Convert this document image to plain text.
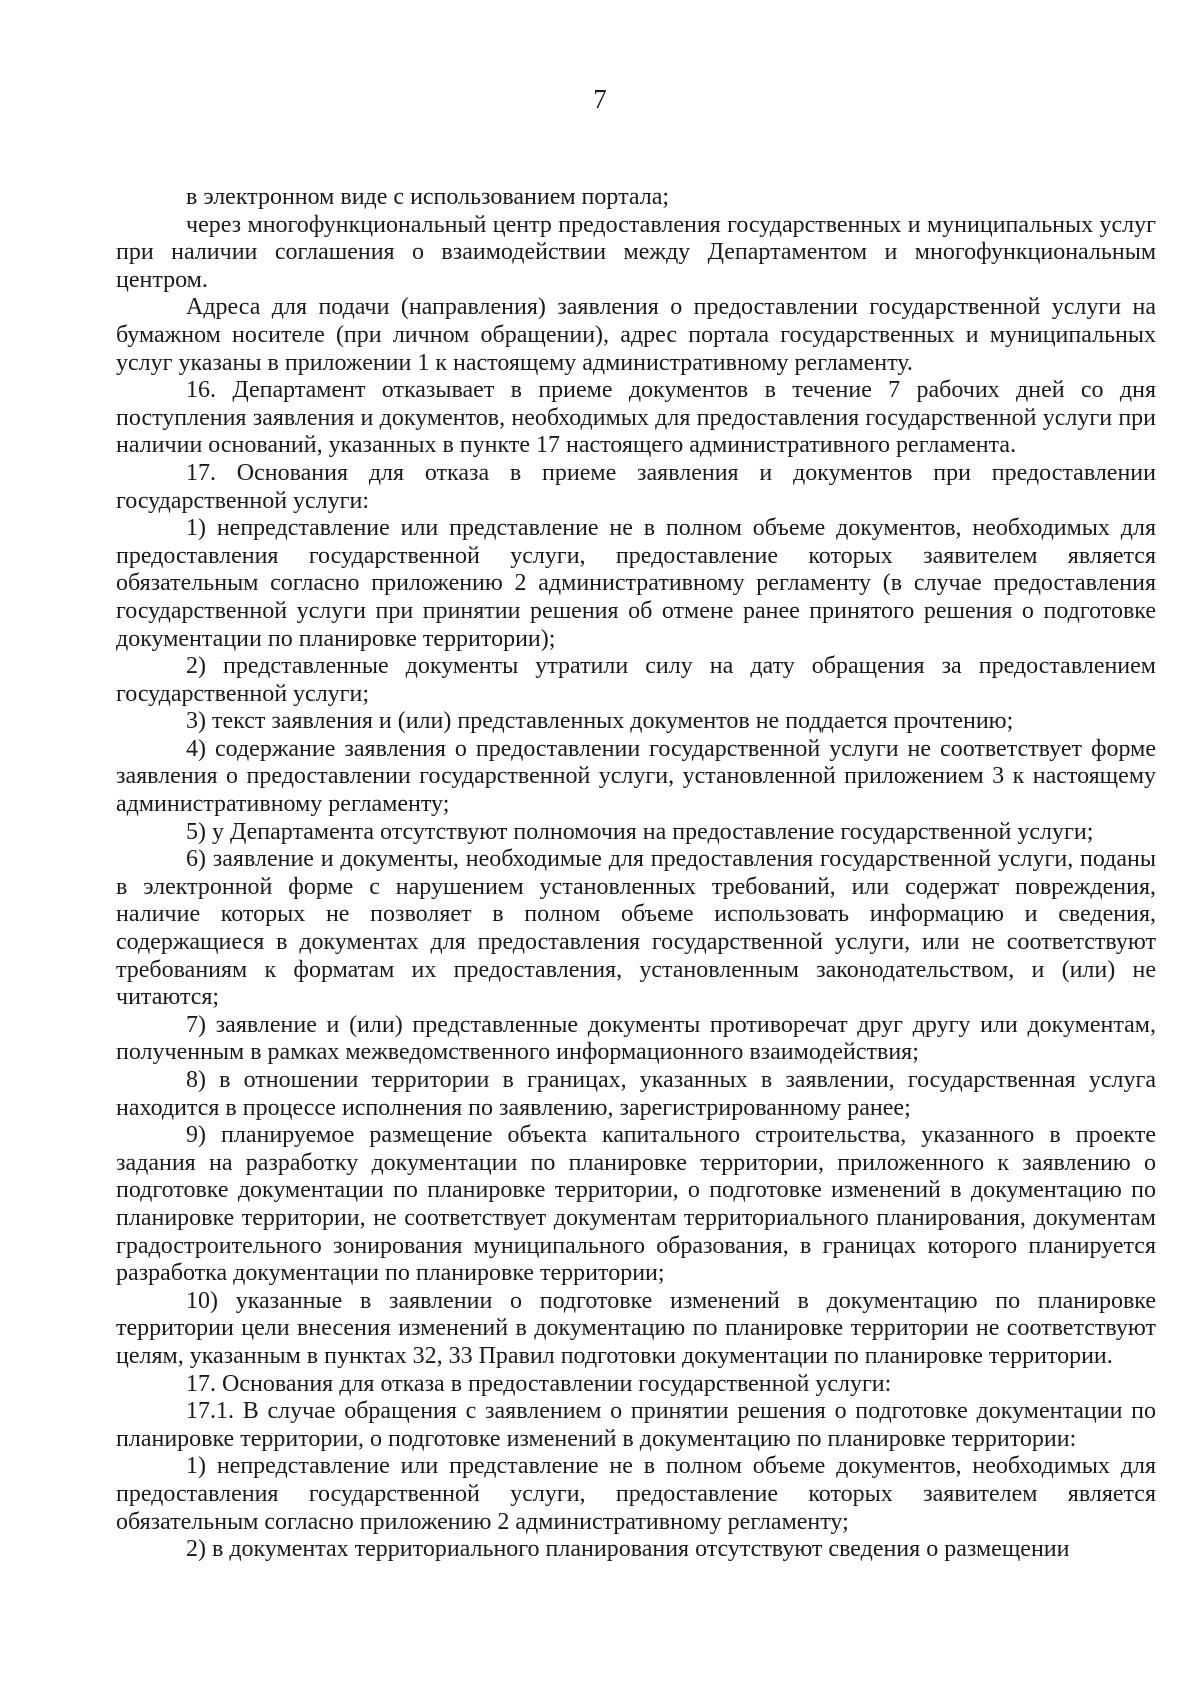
7

в электронном виде с использованием портала;

через многофункциональный центр предоставления государственных и муниципальных услуг при наличии соглашения о взаимодействии между Департаментом и многофункциональным центром.

Адреса для подачи (направления) заявления о предоставлении государственной услуги на бумажном носителе (при личном обращении), адрес портала государственных и муниципальных услуг указаны в приложении 1 к настоящему административному регламенту.

16. Департамент отказывает в приеме документов в течение 7 рабочих дней со дня поступления заявления и документов, необходимых для предоставления государственной услуги при наличии оснований, указанных в пункте 17 настоящего административного регламента.

17. Основания для отказа в приеме заявления и документов при предоставлении государственной услуги:

1) непредставление или представление не в полном объеме документов, необходимых для предоставления государственной услуги, предоставление которых заявителем является обязательным согласно приложению 2 административному регламенту (в случае предоставления государственной услуги при принятии решения об отмене ранее принятого решения о подготовке документации по планировке территории);

2) представленные документы утратили силу на дату обращения за предоставлением государственной услуги;

3) текст заявления и (или) представленных документов не поддается прочтению;

4) содержание заявления о предоставлении государственной услуги не соответствует форме заявления о предоставлении государственной услуги, установленной приложением 3 к настоящему административному регламенту;

5) у Департамента отсутствуют полномочия на предоставление государственной услуги;

6) заявление и документы, необходимые для предоставления государственной услуги, поданы в электронной форме с нарушением установленных требований, или содержат повреждения, наличие которых не позволяет в полном объеме использовать информацию и сведения, содержащиеся в документах для предоставления государственной услуги, или не соответствуют требованиям к форматам их предоставления, установленным законодательством, и (или) не читаются;

7) заявление и (или) представленные документы противоречат друг другу или документам, полученным в рамках межведомственного информационного взаимодействия;

8) в отношении территории в границах, указанных в заявлении, государственная услуга находится в процессе исполнения по заявлению, зарегистрированному ранее;

9) планируемое размещение объекта капитального строительства, указанного в проекте задания на разработку документации по планировке территории, приложенного к заявлению о подготовке документации по планировке территории, о подготовке изменений в документацию по планировке территории, не соответствует документам территориального планирования, документам градостроительного зонирования муниципального образования, в границах которого планируется разработка документации по планировке территории;

10) указанные в заявлении о подготовке изменений в документацию по планировке территории цели внесения изменений в документацию по планировке территории не соответствуют целям, указанным в пунктах 32, 33 Правил подготовки документации по планировке территории.

17. Основания для отказа в предоставлении государственной услуги:

17.1. В случае обращения с заявлением о принятии решения о подготовке документации по планировке территории, о подготовке изменений в документацию по планировке территории:

1) непредставление или представление не в полном объеме документов, необходимых для предоставления государственной услуги, предоставление которых заявителем является обязательным согласно приложению 2 административному регламенту;

2) в документах территориального планирования отсутствуют сведения о размещении
